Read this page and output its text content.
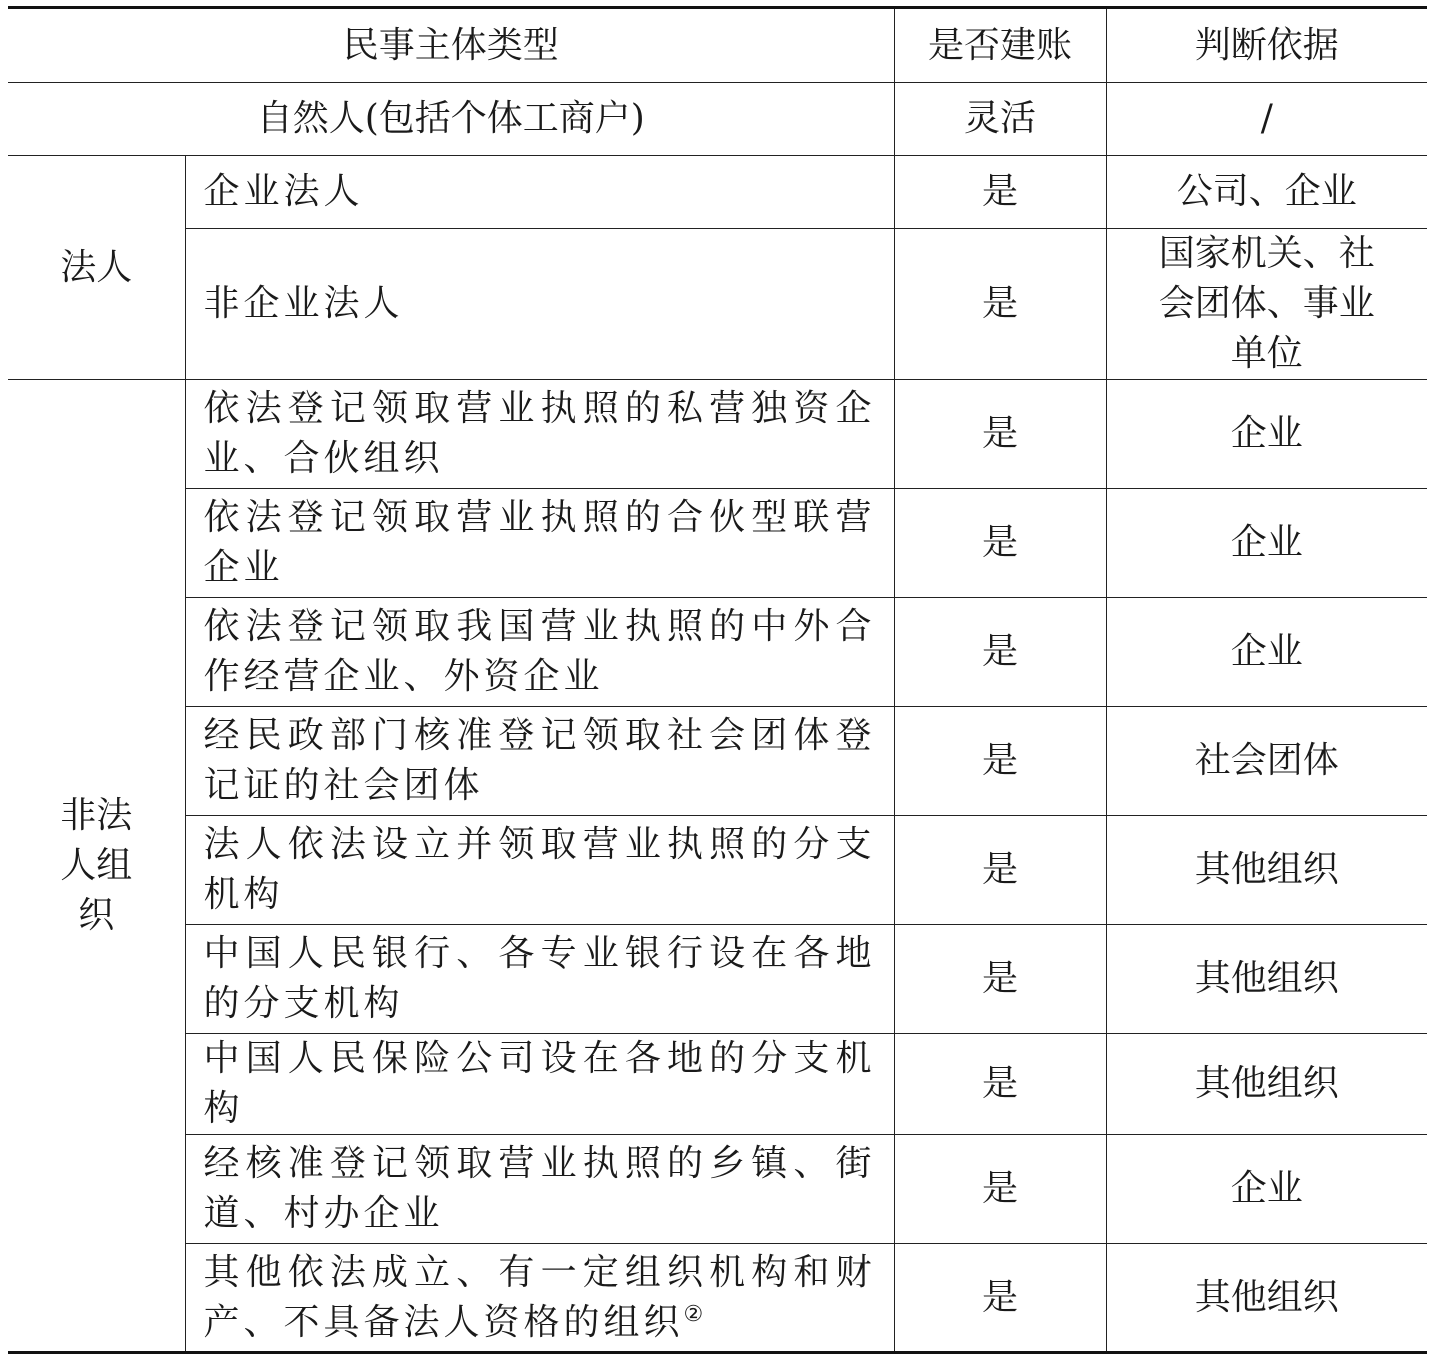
民事主体类型		是否建账	判断依据
自然人(包括个体工商户)		灵活	/
法人	企业法人	是	公司、企业
	非企业法人	是	国家机关、社会团体、事业单位
非法人组织	依法登记领取营业执照的私营独资企业、合伙组织	是	企业
	依法登记领取营业执照的合伙型联营企业	是	企业
	依法登记领取我国营业执照的中外合作经营企业、外资企业	是	企业
	经民政部门核准登记领取社会团体登记证的社会团体	是	社会团体
	法人依法设立并领取营业执照的分支机构	是	其他组织
	中国人民银行、各专业银行设在各地的分支机构	是	其他组织
	中国人民保险公司设在各地的分支机构	是	其他组织
	经核准登记领取营业执照的乡镇、街道、村办企业	是	企业
	其他依法成立、有一定组织机构和财产、不具备法人资格的组织②	是	其他组织
